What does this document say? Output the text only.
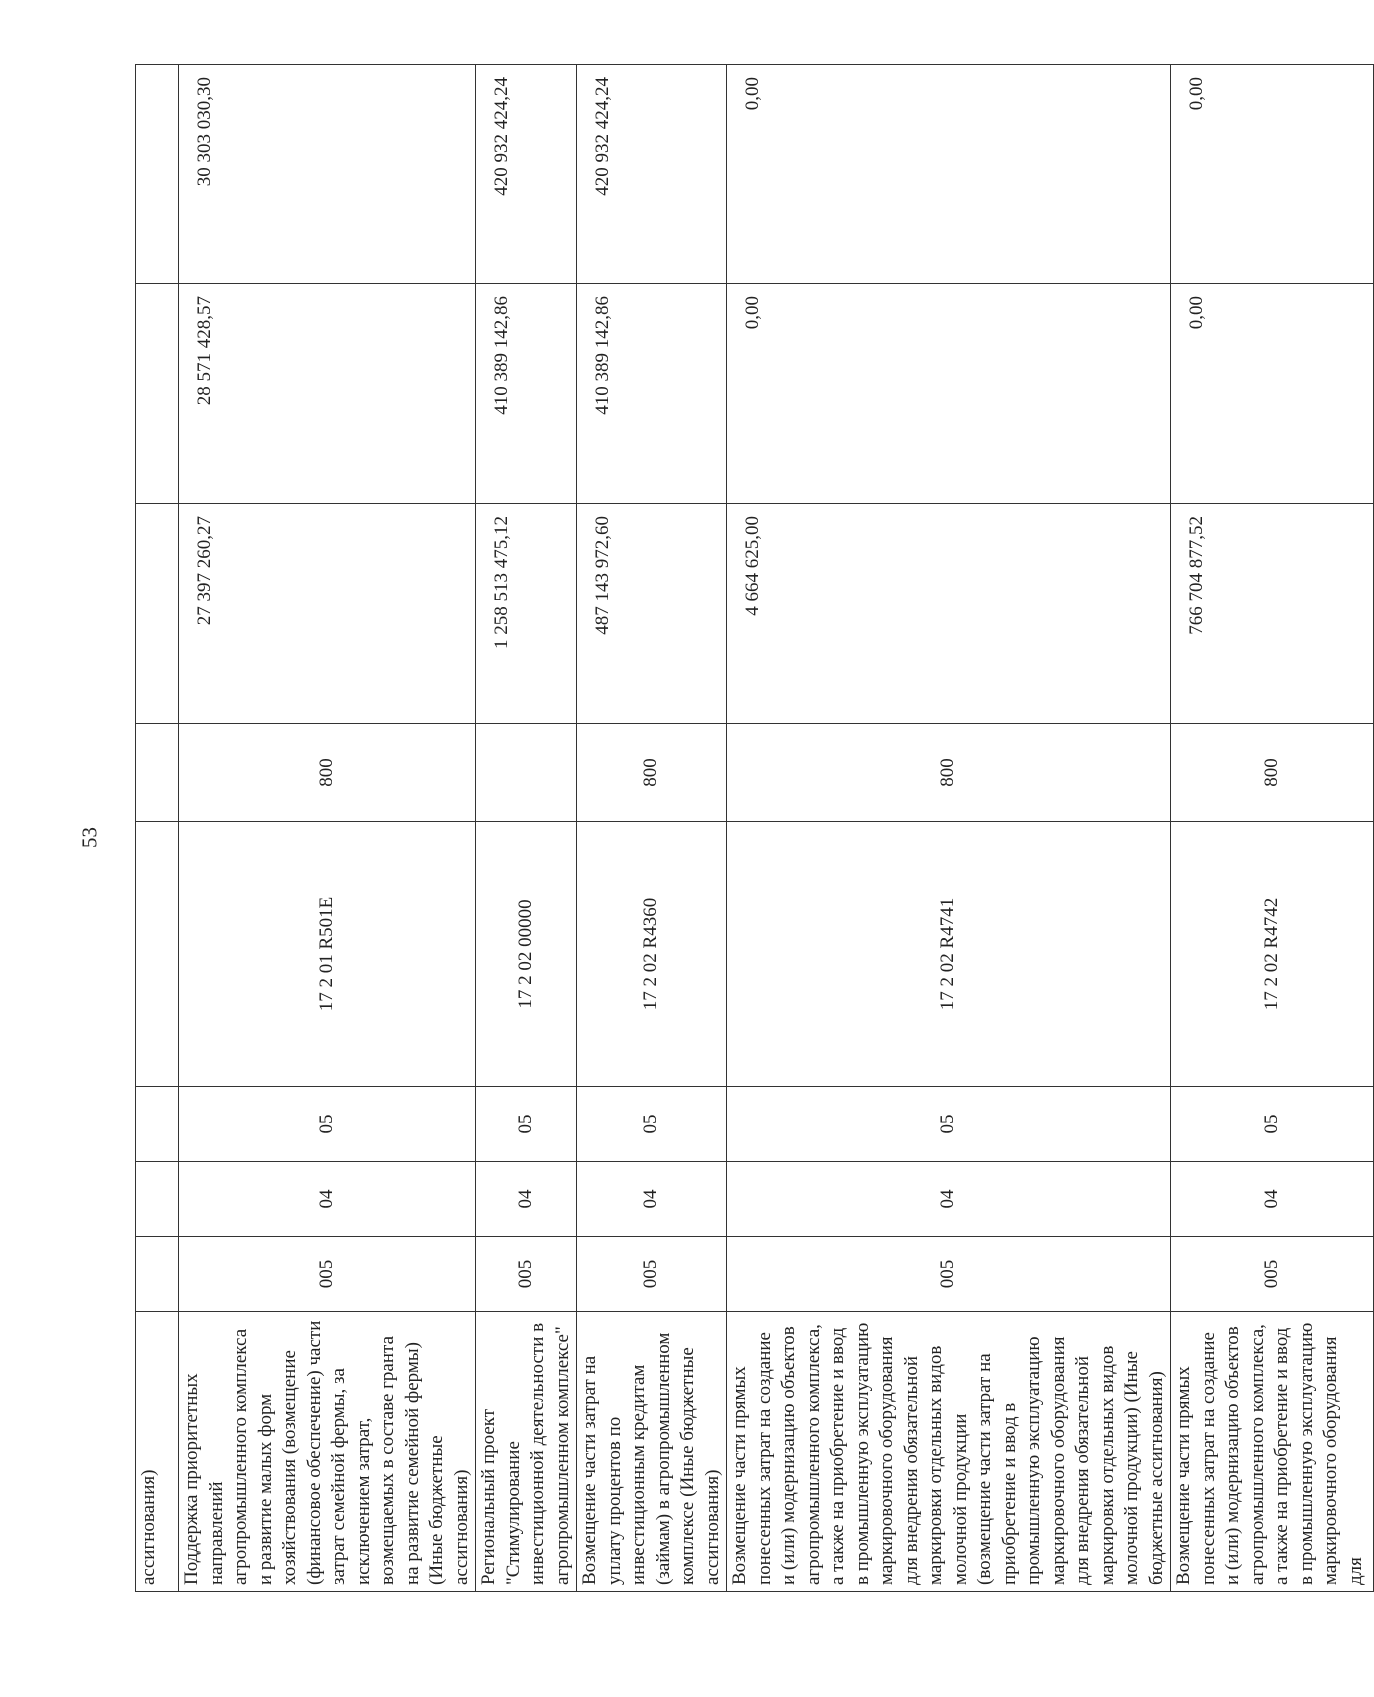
53
ассигнования)								
Поддержка приоритетных направлений агропромышленного комплекса и развитие малых форм хозяйствования (возмещение (финансовое обеспечение) части затрат семейной фермы, за исключением затрат, возмещаемых в составе гранта на развитие семейной фермы) (Иные бюджетные ассигнования)	005	04	05	17 2 01 R501E	800	27 397 260,27	28 571 428,57	30 303 030,30
Региональный проект "Стимулирование инвестиционной деятельности в агропромышленном комплексе"	005	04	05	17 2 02 00000		1 258 513 475,12	410 389 142,86	420 932 424,24
Возмещение части затрат на уплату процентов по инвестиционным кредитам (займам) в агропромышленном комплексе (Иные бюджетные ассигнования)	005	04	05	17 2 02 R4360	800	487 143 972,60	410 389 142,86	420 932 424,24
Возмещение части прямых понесенных затрат на создание и (или) модернизацию объектов агропромышленного комплекса, а также на приобретение и ввод в промышленную эксплуатацию маркировочного оборудования для внедрения обязательной маркировки отдельных видов молочной продукции (возмещение части затрат на приобретение и ввод в промышленную эксплуатацию маркировочного оборудования для внедрения обязательной маркировки отдельных видов молочной продукции) (Иные бюджетные ассигнования)	005	04	05	17 2 02 R4741	800	4 664 625,00	0,00	0,00
Возмещение части прямых понесенных затрат на создание и (или) модернизацию объектов агропромышленного комплекса, а также на приобретение и ввод в промышленную эксплуатацию маркировочного оборудования для	005	04	05	17 2 02 R4742	800	766 704 877,52	0,00	0,00
